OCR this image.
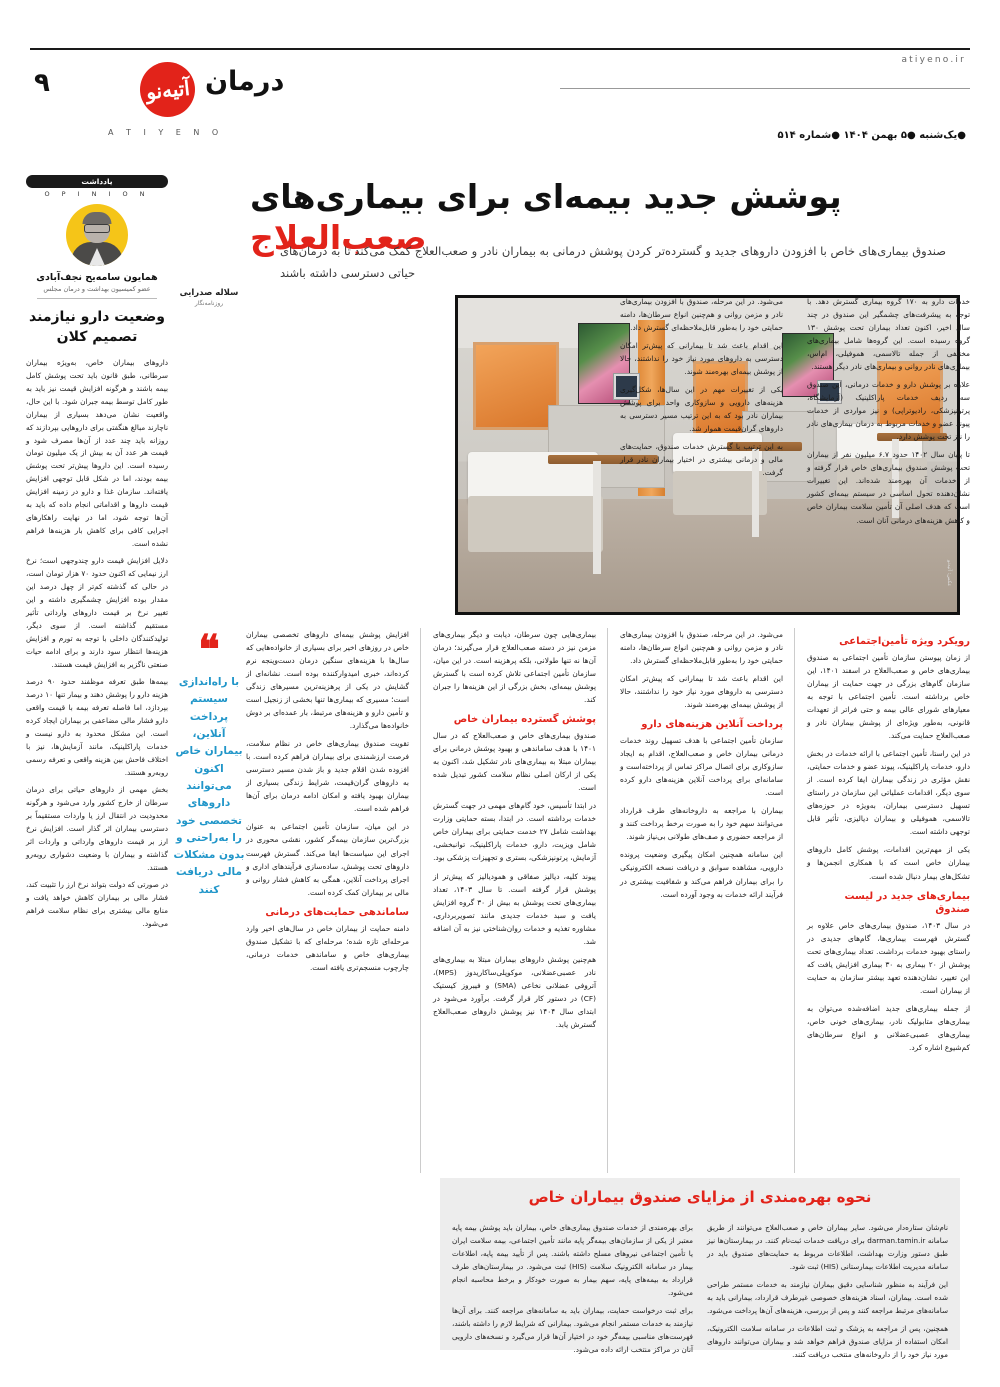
atiyeno.ir
۹	درمان
آتیه‌نو
A T I Y E N O	●یک‌شنبه ●۵ بهمن ۱۴۰۴ ●شماره ۵۱۴
یادداشت
O P I N I O N
همایون سامه‌یح نجف‌آبادی
عضو کمیسیون بهداشت و درمان مجلس
وضعیت دارو نیازمند تصمیم کلان

داروهای بیماران خاص، به‌ویژه بیماران سرطانی، طبق قانون باید تحت پوشش کامل بیمه باشند و هرگونه افزایش قیمت نیز باید به طور کامل توسط بیمه جبران شود. با این حال، واقعیت نشان می‌دهد بسیاری از بیماران ناچارند مبالغ هنگفتی برای داروهایی بپردازند که روزانه باید چند عدد از آن‌ها مصرف شود و قیمت هر عدد آن به بیش از یک میلیون تومان رسیده است. این داروها پیش‌تر تحت پوشش بیمه بودند، اما در شکل قابل توجهی افزایش یافته‌اند. سازمان غذا و دارو در زمینه افزایش قیمت داروها و اقداماتی انجام داده که باید به آن‌ها توجه شود، اما در نهایت راهکارهای اجرایی کافی برای کاهش بار هزینه‌ها فراهم نشده است.

دلایل افزایش قیمت دارو چندوجهی است؛ نرخ ارز نیمایی که اکنون حدود ۷۰ هزار تومان است، در حالی که گذشته کم‌تر از چهل درصد این مقدار بوده افزایش چشمگیری داشته و این تغییر نرخ بر قیمت داروهای وارداتی تأثیر مستقیم گذاشته است. از سوی دیگر، تولیدکنندگان داخلی با توجه به تورم و افزایش هزینه‌ها انتظار سود دارند و برای ادامه حیات صنعتی ناگزیر به افزایش قیمت هستند.

بیمه‌ها طبق تعرفه موظفند حدود ۹۰ درصد هزینه دارو را پوشش دهند و بیمار تنها ۱۰ درصد بپردازد، اما فاصله تعرفه بیمه با قیمت واقعی دارو فشار مالی مضاعفی بر بیماران ایجاد کرده است. این مشکل محدود به دارو نیست و خدمات پاراکلینیک، مانند آزمایش‌ها، نیز با اختلاف فاحش بین هزینه واقعی و تعرفه رسمی روبه‌رو هستند.

بخش مهمی از داروهای حیاتی برای درمان سرطان از خارج کشور وارد می‌شود و هرگونه محدودیت در انتقال ارز یا واردات مستقیماً بر دسترسی بیماران اثر گذار است. افزایش نرخ ارز بر قیمت داروهای وارداتی و واردات اثر گذاشته و بیماران با وضعیت دشواری روبه‌رو هستند.

در صورتی که دولت بتواند نرخ ارز را تثبیت کند، فشار مالی بر بیماران کاهش خواهد یافت و منابع مالی بیشتری برای نظام سلامت فراهم می‌شود.

❝
با راه‌اندازی سیستم پرداخت آنلاین، بیماران خاص اکنون می‌توانند داروهای تخصصی خود را به‌راحتی و بدون مشکلات مالی دریافت کنند
پوشش جدید بیمه‌ای برای بیماری‌های صعب‌العلاج
صندوق بیماری‌های خاص با افزودن داروهای جدید و گسترده‌تر کردن پوشش درمانی به بیماران نادر و صعب‌العلاج کمک می‌کند تا به درمان‌های حیاتی دسترسی داشته باشند
سلاله صدرایی
روزنامه‌نگار
عکس: آتیه‌نو

خدمات دارو به ۱۷۰ گروه بیماری گسترش دهد. با توجه به پیشرفت‌های چشمگیر این صندوق در چند سال اخیر، اکنون تعداد بیماران تحت پوشش ۱۳۰ گروه رسیده است. این گروه‌ها شامل بیماری‌های مختلفی از جمله تالاسمی، هموفیلی، ام‌اس، بیماری‌های نادر روانی و بیماری‌های نادر دیگر هستند.

علاوه بر پوشش دارو و خدمات درمانی، این صندوق سه ردیف خدمات پاراکلینیک (آزمایشگاه، پرتونپزشکی، رادیوتراپی) و نیز مواردی از خدمات پیوند عضو و خدمات مربوط به درمان بیماری‌های نادر را نیز تحت پوشش دارد.

تا پایان سال ۱۴۰۲ حدود ۶.۷ میلیون نفر از بیماران تحت پوشش صندوق بیماری‌های خاص قرار گرفته و از خدمات آن بهره‌مند شده‌اند. این تغییرات نشان‌دهنده تحول اساسی در سیستم بیمه‌ای کشور است که هدف اصلی آن تأمین سلامت بیماران خاص و کاهش هزینه‌های درمانی آنان است.

می‌شود. در این مرحله، صندوق با افزودن بیماری‌های نادر و مزمن روانی و هم‌چنین انواع سرطان‌ها، دامنه حمایتی خود را به‌طور قابل‌ملاحظه‌ای گسترش داد.

این اقدام باعث شد تا بیمارانی که پیش‌تر امکان دسترسی به داروهای مورد نیاز خود را نداشتند، حالا از پوشش بیمه‌ای بهره‌مند شوند.

یکی از تغییرات مهم در این سال‌ها، شکل‌گیری هزینه‌های دارویی و سازوکاری واحد برای پوشش بیماران نادر بود که به این ترتیب مسیر دسترسی به داروهای گران‌قیمت هموار شد.

به این ترتیب با گسترش خدمات صندوق، حمایت‌های مالی و درمانی بیشتری در اختیار بیماران نادر قرار گرفت.

رویکرد ویژه تأمین‌اجتماعی

از زمان پیوستن سازمان تأمین اجتماعی به صندوق بیماری‌های خاص و صعب‌العلاج در اسفند ۱۴۰۱، این سازمان گام‌های بزرگی در جهت حمایت از بیماران خاص برداشته است. تأمین اجتماعی با توجه به معیارهای شورای عالی بیمه و حتی فراتر از تعهدات قانونی، به‌طور ویژه‌ای از پوشش بیماران نادر و صعب‌العلاج حمایت می‌کند.

در این راستا، تأمین اجتماعی با ارائه خدمات در بخش دارو، خدمات پاراکلینیک، پیوند عضو و خدمات حمایتی، نقش مؤثری در زندگی بیماران ایفا کرده است. از سوی دیگر، اقدامات عملیاتی این سازمان در راستای تسهیل دسترسی بیماران، به‌ویژه در حوزه‌های تالاسمی، هموفیلی و بیماران دیالیزی، تأثیر قابل توجهی داشته است.

یکی از مهم‌ترین اقدامات، پوشش کامل داروهای بیماران خاص است که با همکاری انجمن‌ها و تشکل‌های بیمار دنبال شده است.

بیماری‌های جدید در لیست صندوق

در سال ۱۴۰۳، صندوق بیماری‌های خاص علاوه بر گسترش فهرست بیماری‌ها، گام‌های جدیدی در راستای بهبود خدمات برداشت. تعداد بیماری‌های تحت پوشش از ۲۰ بیماری به ۳۰ بیماری افزایش یافت که این تغییر، نشان‌دهنده تعهد بیشتر سازمان به حمایت از بیماران است.

از جمله بیماری‌های جدید اضافه‌شده می‌توان به بیماری‌های متابولیک نادر، بیماری‌های خونی خاص، بیماری‌های عصبی‌عضلانی و انواع سرطان‌های کم‌شیوع اشاره کرد.

می‌شود. در این مرحله، صندوق با افزودن بیماری‌های نادر و مزمن روانی و هم‌چنین انواع سرطان‌ها، دامنه حمایتی خود را به‌طور قابل‌ملاحظه‌ای گسترش داد.

این اقدام باعث شد تا بیمارانی که پیش‌تر امکان دسترسی به داروهای مورد نیاز خود را نداشتند، حالا از پوشش بیمه‌ای بهره‌مند شوند.

پرداخت آنلاین هزینه‌های دارو

سازمان تأمین اجتماعی با هدف تسهیل روند خدمات درمانی بیماران خاص و صعب‌العلاج، اقدام به ایجاد سازوکاری برای اتصال مراکز تماس از پرداخته‌است و سامانه‌ای برای پرداخت آنلاین هزینه‌های دارو کرده است.

بیماران با مراجعه به داروخانه‌های طرف قرارداد می‌توانند سهم خود را به صورت برخط پرداخت کنند و از مراجعه حضوری و صف‌های طولانی بی‌نیاز شوند.

این سامانه همچنین امکان پیگیری وضعیت پرونده دارویی، مشاهده سوابق و دریافت نسخه الکترونیکی را برای بیماران فراهم می‌کند و شفافیت بیشتری در فرآیند ارائه خدمات به وجود آورده است.

بیماری‌هایی چون سرطان، دیابت و دیگر بیماری‌های مزمن نیز در دسته صعب‌العلاج قرار می‌گیرند؛ درمان آن‌ها نه تنها طولانی، بلکه پرهزینه است. در این میان، سازمان تأمین اجتماعی تلاش کرده است با گسترش پوشش بیمه‌ای، بخش بزرگی از این هزینه‌ها را جبران کند.

پوشش گسترده بیماران خاص

صندوق بیماری‌های خاص و صعب‌العلاج که در سال ۱۴۰۱ با هدف ساماندهی و بهبود پوشش درمانی برای بیماران مبتلا به بیماری‌های نادر تشکیل شد، اکنون به یکی از ارکان اصلی نظام سلامت کشور تبدیل شده است.

در ابتدا تأسیس، خود گام‌های مهمی در جهت گسترش خدمات برداشته است. در ابتدا، بسته حمایتی وزارت بهداشت شامل ۲۷ خدمت حمایتی برای بیماران خاص شامل ویزیت، دارو، خدمات پاراکلینیک، توانبخشی، آزمایش، پرتونپزشکی، بستری و تجهیزات پزشکی بود.

پیوند کلیه، دیالیز صفاقی و همودیالیز که پیش‌تر از پوشش قرار گرفته است. تا سال ۱۴۰۳، تعداد بیماری‌های تحت پوشش به بیش از ۳۰ گروه افزایش یافت و سبد خدمات جدیدی مانند تصویربرداری، مشاوره تغذیه و خدمات روان‌شناختی نیز به آن اضافه شد.

هم‌چنین پوشش داروهای بیماران مبتلا به بیماری‌های نادر عصبی‌عضلانی، موکوپلی‌ساکاریدوز (MPS)، آتروفی عضلانی نخاعی (SMA) و فیبروز کیستیک (CF) در دستور کار قرار گرفت. برآورد می‌شود در ابتدای سال ۱۴۰۴ نیز پوشش داروهای صعب‌العلاج گسترش یابد.

افزایش پوشش بیمه‌ای داروهای تخصصی بیماران خاص در روزهای اخیر برای بسیاری از خانواده‌هایی که سال‌ها با هزینه‌های سنگین درمان دست‌وپنجه نرم کرده‌اند، خبری امیدوارکننده بوده است. نشانه‌ای از گشایش در یکی از پرهزینه‌ترین مسیرهای زندگی است؛ مسیری که بیماری‌ها تنها بخشی از زنجیل است و تأمین دارو و هزینه‌های مرتبط، بار عمده‌ای بر دوش خانواده‌ها می‌گذارد.

تقویت صندوق بیماری‌های خاص در نظام سلامت، فرصت ارزشمندی برای بیماران فراهم کرده است. با افزوده شدن اقلام جدید و باز شدن مسیر دسترسی به داروهای گران‌قیمت، شرایط زندگی بسیاری از بیماران بهبود یافته و امکان ادامه درمان برای آن‌ها فراهم شده است.

در این میان، سازمان تأمین اجتماعی به عنوان بزرگ‌ترین سازمان بیمه‌گر کشور، نقشی محوری در اجرای این سیاست‌ها ایفا می‌کند. گسترش فهرست داروهای تحت پوشش، ساده‌سازی فرآیندهای اداری و اجرای پرداخت آنلاین، همگی به کاهش فشار روانی و مالی بر بیماران کمک کرده است.

ساماندهی حمایت‌های درمانی

دامنه حمایت از بیماران خاص در سال‌های اخیر وارد مرحله‌ای تازه شده؛ مرحله‌ای که با تشکیل صندوق بیماری‌های خاص و ساماندهی خدمات درمانی، چارچوب منسجم‌تری یافته است.

نحوه بهره‌مندی از مزایای صندوق بیماران خاص

نام‌شان ستاره‌دار می‌شود. سایر بیماران خاص و صعب‌العلاج می‌توانند از طریق سامانه darman.tamin.ir برای دریافت خدمات ثبت‌نام کنند. در بیمارستان‌ها نیز طبق دستور وزارت بهداشت، اطلاعات مربوط به حمایت‌های صندوق باید در سامانه مدیریت اطلاعات بیمارستانی (HIS) ثبت شود.

این فرآیند به منظور شناسایی دقیق بیماران نیازمند به خدمات مستمر طراحی شده است. بیماران، اسناد هزینه‌های خصوصی غیرطرف قرارداد، بیمارانی باید به سامانه‌های مرتبط مراجعه کنند و پس از بررسی، هزینه‌های آن‌ها پرداخت می‌شود.

همچنین، پس از مراجعه به پزشک و ثبت اطلاعات در سامانه سلامت الکترونیک، امکان استفاده از مزایای صندوق فراهم خواهد شد و بیماران می‌توانند داروهای مورد نیاز خود را از داروخانه‌های منتخب دریافت کنند.

برای بهره‌مندی از خدمات صندوق بیماری‌های خاص، بیماران باید پوشش بیمه پایه معتبر از یکی از سازمان‌های بیمه‌گر پایه مانند تأمین اجتماعی، بیمه سلامت ایران یا تأمین اجتماعی نیروهای مسلح داشته باشند. پس از تأیید بیمه پایه، اطلاعات بیمار در سامانه الکترونیک سلامت (HIS) ثبت می‌شود. در بیمارستان‌های طرف قرارداد به بیمه‌های پایه، سهم بیمار به صورت خودکار و برخط محاسبه انجام می‌شود.

برای ثبت درخواست حمایت، بیماران باید به سامانه‌های مراجعه کنند. برای آن‌ها نیازمند به خدمات مستمر انجام می‌شود. بیمارانی که شرایط لازم را داشته باشند، فهرست‌های مناسبی بیمه‌گر خود در اختیار آن‌ها قرار می‌گیرد و نسخه‌های دارویی آنان در مراکز منتخب ارائه داده می‌شود.
